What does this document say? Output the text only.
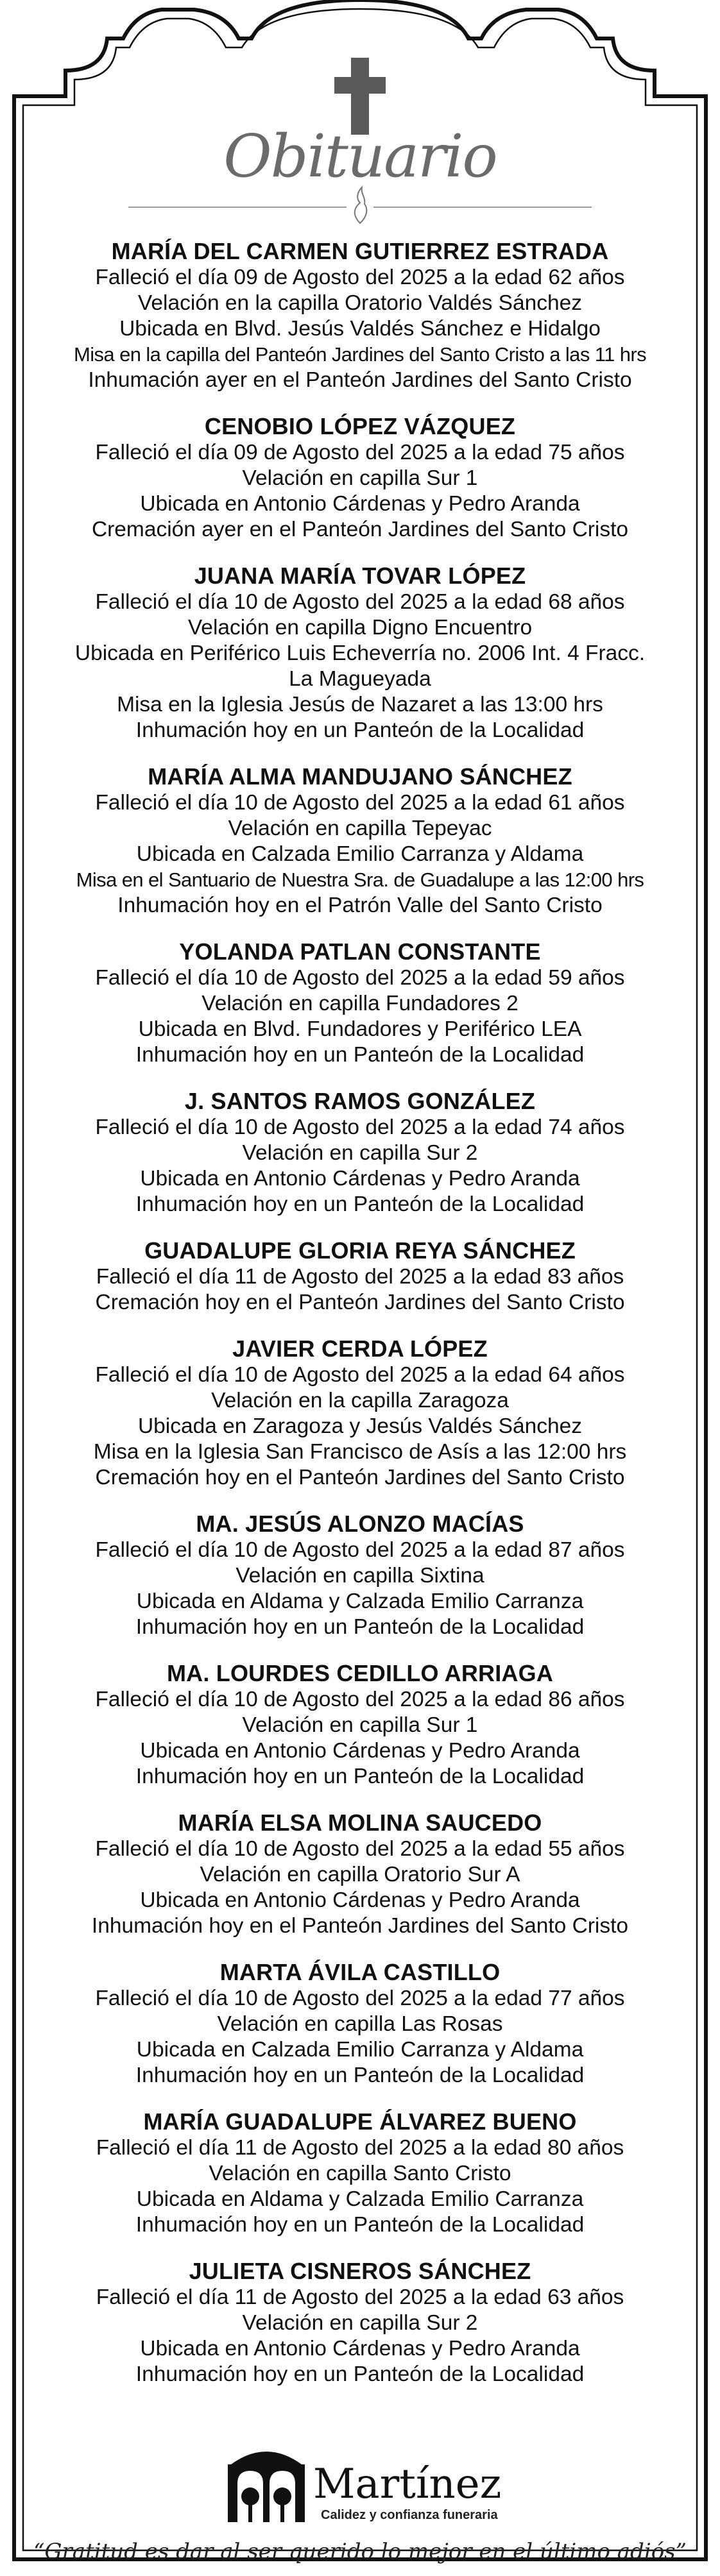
Obituario
MARÍA DEL CARMEN GUTIERREZ ESTRADA
Falleció el día 09 de Agosto del 2025 a la edad 62 años
Velación en la capilla Oratorio Valdés Sánchez
Ubicada en Blvd. Jesús Valdés Sánchez e Hidalgo
Misa en la capilla del Panteón Jardines del Santo Cristo a las 11 hrs
Inhumación ayer en el Panteón Jardines del Santo Cristo
CENOBIO LÓPEZ VÁZQUEZ
Falleció el día 09 de Agosto del 2025 a la edad 75 años
Velación en capilla Sur 1
Ubicada en Antonio Cárdenas y Pedro Aranda
Cremación ayer en el Panteón Jardines del Santo Cristo
JUANA MARÍA TOVAR LÓPEZ
Falleció el día 10 de Agosto del 2025 a la edad 68 años
Velación en capilla Digno Encuentro
Ubicada en Periférico Luis Echeverría no. 2006 Int. 4 Fracc.
La Magueyada
Misa en la Iglesia Jesús de Nazaret a las 13:00 hrs
Inhumación hoy en un Panteón de la Localidad
MARÍA ALMA MANDUJANO SÁNCHEZ
Falleció el día 10 de Agosto del 2025 a la edad 61 años
Velación en capilla Tepeyac
Ubicada en Calzada Emilio Carranza y Aldama
Misa en el Santuario de Nuestra Sra. de Guadalupe a las 12:00 hrs
Inhumación hoy en el Patrón Valle del Santo Cristo
YOLANDA PATLAN CONSTANTE
Falleció el día 10 de Agosto del 2025 a la edad 59 años
Velación en capilla Fundadores 2
Ubicada en Blvd. Fundadores y Periférico LEA
Inhumación hoy en un Panteón de la Localidad
J. SANTOS RAMOS GONZÁLEZ
Falleció el día 10 de Agosto del 2025 a la edad 74 años
Velación en capilla Sur 2
Ubicada en Antonio Cárdenas y Pedro Aranda
Inhumación hoy en un Panteón de la Localidad
GUADALUPE GLORIA REYA SÁNCHEZ
Falleció el día 11 de Agosto del 2025 a la edad 83 años
Cremación hoy en el Panteón Jardines del Santo Cristo
JAVIER CERDA LÓPEZ
Falleció el día 10 de Agosto del 2025 a la edad 64 años
Velación en la capilla Zaragoza
Ubicada en Zaragoza y Jesús Valdés Sánchez
Misa en la Iglesia San Francisco de Asís a las 12:00 hrs
Cremación hoy en el Panteón Jardines del Santo Cristo
MA. JESÚS ALONZO MACÍAS
Falleció el día 10 de Agosto del 2025 a la edad 87 años
Velación en capilla Sixtina
Ubicada en Aldama y Calzada Emilio Carranza
Inhumación hoy en un Panteón de la Localidad
MA. LOURDES CEDILLO ARRIAGA
Falleció el día 10 de Agosto del 2025 a la edad 86 años
Velación en capilla Sur 1
Ubicada en Antonio Cárdenas y Pedro Aranda
Inhumación hoy en un Panteón de la Localidad
MARÍA ELSA MOLINA SAUCEDO
Falleció el día 10 de Agosto del 2025 a la edad 55 años
Velación en capilla Oratorio Sur A
Ubicada en Antonio Cárdenas y Pedro Aranda
Inhumación hoy en el Panteón Jardines del Santo Cristo
MARTA ÁVILA CASTILLO
Falleció el día 10 de Agosto del 2025 a la edad 77 años
Velación en capilla Las Rosas
Ubicada en Calzada Emilio Carranza y Aldama
Inhumación hoy en un Panteón de la Localidad
MARÍA GUADALUPE ÁLVAREZ BUENO
Falleció el día 11 de Agosto del 2025 a la edad 80 años
Velación en capilla Santo Cristo
Ubicada en Aldama y Calzada Emilio Carranza
Inhumación hoy en un Panteón de la Localidad
JULIETA CISNEROS SÁNCHEZ
Falleció el día 11 de Agosto del 2025 a la edad 63 años
Velación en capilla Sur 2
Ubicada en Antonio Cárdenas y Pedro Aranda
Inhumación hoy en un Panteón de la Localidad
Martínez
Calidez y confianza funeraria
“Gratitud es dar al ser querido lo mejor en el último adiós”
